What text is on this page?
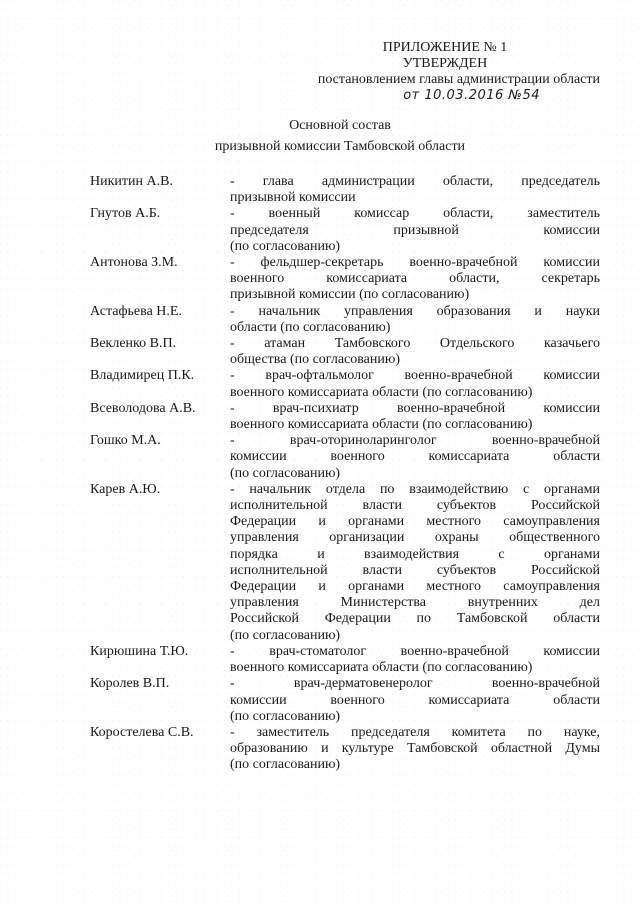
ПРИЛОЖЕНИЕ № 1
УТВЕРЖДЕН
постановлением главы администрации области
от 10.03.2016 №54
Основной состав
призывной комиссии Тамбовской области
Никитин А.В.	- глава администрации области, председатель
призывной комиссии
Гнутов А.Б.	- военный комиссар области, заместитель
председателя призывной комиссии
(по согласованию)
Антонова З.М.	- фельдшер-секретарь военно-врачебной комиссии
военного комиссариата области, секретарь
призывной комиссии (по согласованию)
Астафьева Н.Е.	- начальник управления образования и науки
области (по согласованию)
Векленко В.П.	- атаман Тамбовского Отдельского казачьего
общества (по согласованию)
Владимирец П.К.	- врач-офтальмолог военно-врачебной комиссии
военного комиссариата области (по согласованию)
Всеволодова А.В.	- врач-психиатр военно-врачебной комиссии
военного комиссариата области (по согласованию)
Гошко М.А.	- врач-оториноларинголог военно-врачебной
комиссии военного комиссариата области
(по согласованию)
Карев А.Ю.	- начальник отдела по взаимодействию с органами
исполнительной власти субъектов Российской
Федерации и органами местного самоуправления
управления организации охраны общественного
порядка и взаимодействия с органами
исполнительной власти субъектов Российской
Федерации и органами местного самоуправления
управления Министерства внутренних дел
Российской Федерации по Тамбовской области
(по согласованию)
Кирюшина Т.Ю.	- врач-стоматолог военно-врачебной комиссии
военного комиссариата области (по согласованию)
Королев В.П.	- врач-дерматовенеролог военно-врачебной
комиссии военного комиссариата области
(по согласованию)
Коростелева С.В.	- заместитель председателя комитета по науке,
образованию и культуре Тамбовской областной Думы
(по согласованию)
